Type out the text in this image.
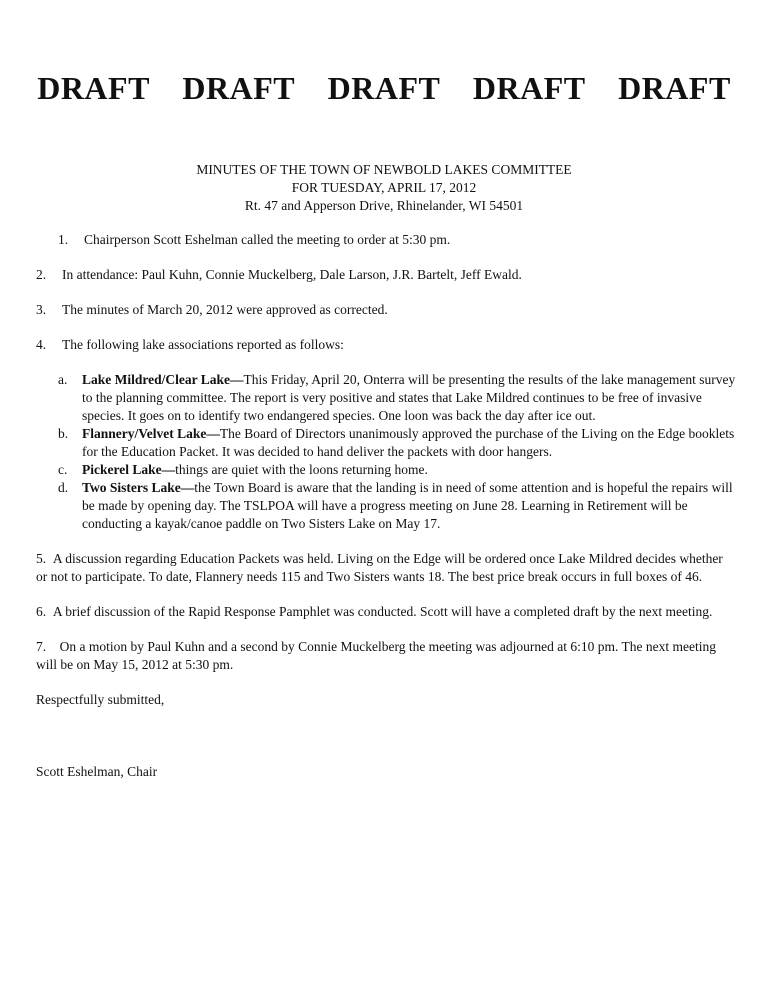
DRAFT DRAFT DRAFT DRAFT DRAFT
MINUTES OF THE TOWN OF NEWBOLD LAKES COMMITTEE
FOR TUESDAY, APRIL 17, 2012
Rt. 47 and Apperson Drive, Rhinelander, WI 54501

1. Chairperson Scott Eshelman called the meeting to order at 5:30 pm.

2. In attendance: Paul Kuhn, Connie Muckelberg, Dale Larson, J.R. Bartelt, Jeff Ewald.

3. The minutes of March 20, 2012 were approved as corrected.

4. The following lake associations reported as follows:

a. Lake Mildred/Clear Lake—This Friday, April 20, Onterra will be presenting the results of the lake management survey to the planning committee. The report is very positive and states that Lake Mildred continues to be free of invasive species. It goes on to identify two endangered species. One loon was back the day after ice out.
b. Flannery/Velvet Lake—The Board of Directors unanimously approved the purchase of the Living on the Edge booklets for the Education Packet. It was decided to hand deliver the packets with door hangers.
c. Pickerel Lake—things are quiet with the loons returning home.
d. Two Sisters Lake—the Town Board is aware that the landing is in need of some attention and is hopeful the repairs will be made by opening day. The TSLPOA will have a progress meeting on June 28. Learning in Retirement will be conducting a kayak/canoe paddle on Two Sisters Lake on May 17.

5. A discussion regarding Education Packets was held. Living on the Edge will be ordered once Lake Mildred decides whether or not to participate. To date, Flannery needs 115 and Two Sisters wants 18. The best price break occurs in full boxes of 46.

6. A brief discussion of the Rapid Response Pamphlet was conducted. Scott will have a completed draft by the next meeting.

7. On a motion by Paul Kuhn and a second by Connie Muckelberg the meeting was adjourned at 6:10 pm. The next meeting will be on May 15, 2012 at 5:30 pm.

Respectfully submitted,

Scott Eshelman, Chair
